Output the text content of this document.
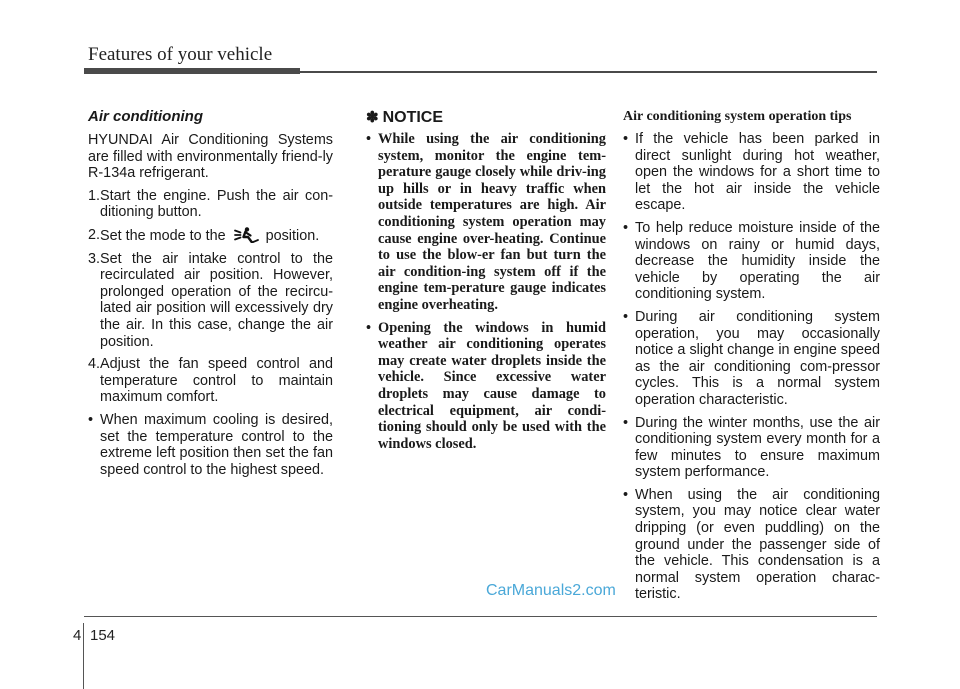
Features of your vehicle
Air conditioning

HYUNDAI Air Conditioning Systems are filled with environmentally friend-ly R-134a refrigerant.

1. Start the engine. Push the air con-ditioning button.
2. Set the mode to the	position.
3. Set the air intake control to the recirculated air position. However, prolonged operation of the recircu-lated air position will excessively dry the air. In this case, change the air position.
4. Adjust the fan speed control and temperature control to maintain maximum comfort.
• When maximum cooling is desired, set the temperature control to the extreme left position then set the fan speed control to the highest speed.
✽ NOTICE
• While using the air conditioning system, monitor the engine tem-perature gauge closely while driv-ing up hills or in heavy traffic when outside temperatures are high. Air conditioning system operation may cause engine over-heating. Continue to use the blow-er fan but turn the air condition-ing system off if the engine tem-perature gauge indicates engine overheating.
• Opening the windows in humid weather air conditioning operates may create water droplets inside the vehicle. Since excessive water droplets may cause damage to electrical equipment, air condi-tioning should only be used with the windows closed.
Air conditioning system operation tips
• If the vehicle has been parked in direct sunlight during hot weather, open the windows for a short time to let the hot air inside the vehicle escape.
• To help reduce moisture inside of the windows on rainy or humid days, decrease the humidity inside the vehicle by operating the air conditioning system.
• During air conditioning system operation, you may occasionally notice a slight change in engine speed as the air conditioning com-pressor cycles. This is a normal system operation characteristic.
• During the winter months, use the air conditioning system every month for a few minutes to ensure maximum system performance.
• When using the air conditioning system, you may notice clear water dripping (or even puddling) on the ground under the passenger side of the vehicle. This condensation is a normal system operation charac-teristic.
CarManuals2.com
4 154
